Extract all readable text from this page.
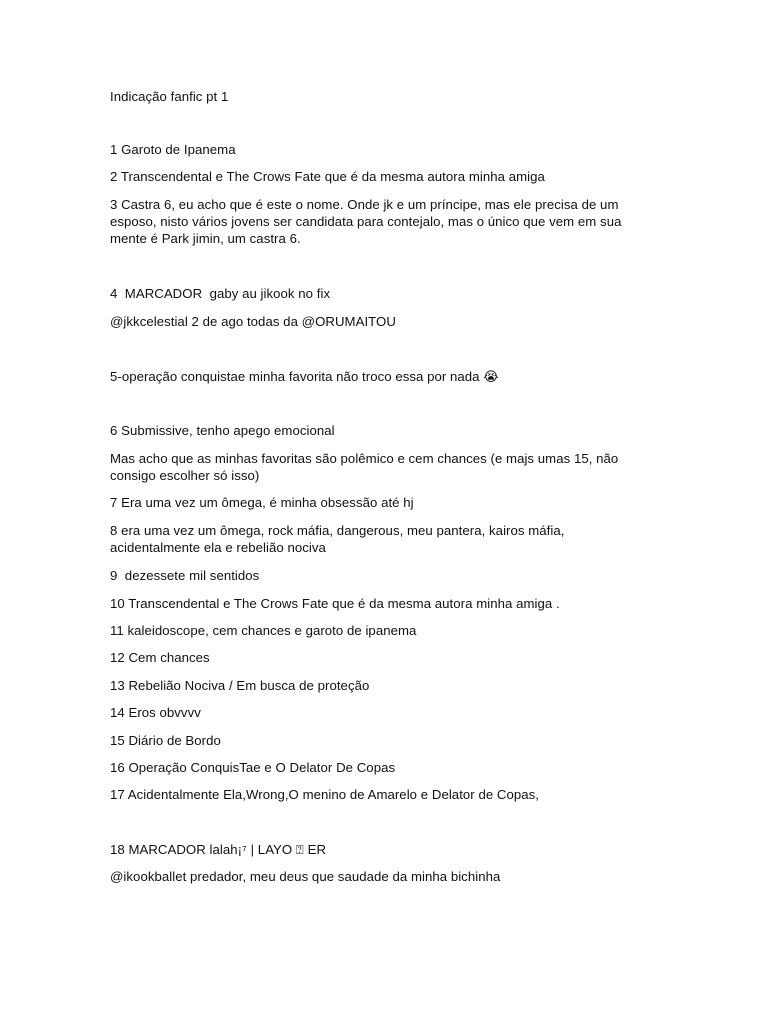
Indicação fanfic pt 1
1 Garoto de Ipanema
2 Transcendental e The Crows Fate que é da mesma autora minha amiga
3 Castra 6, eu acho que é este o nome. Onde jk e um príncipe, mas ele precisa de um esposo, nisto vários jovens ser candidata para contejalo, mas o único que vem em sua mente é Park jimin, um castra 6.
4  MARCADOR  gaby au jikook no fix
@jkkcelestial 2 de ago todas da @ORUMAITOU
5-operação conquistae minha favorita não troco essa por nada 😭
6 Submissive, tenho apego emocional
Mas acho que as minhas favoritas são polêmico e cem chances (e majs umas 15, não consigo escolher só isso)
7 Era uma vez um ômega, é minha obsessão até hj
8 era uma vez um ômega, rock máfia, dangerous, meu pantera, kairos máfia, acidentalmente ela e rebelião nociva
9  dezessete mil sentidos
10 Transcendental e The Crows Fate que é da mesma autora minha amiga .
11 kaleidoscope, cem chances e garoto de ipanema
12 Cem chances
13 Rebelião Nociva / Em busca de proteção
14 Eros obvvvv
15 Diário de Bordo
16 Operação ConquisTae e O Delator De Copas
17 Acidentalmente Ela,Wrong,O menino de Amarelo e Delator de Copas,
18 MARCADOR lalah¡⁷ | LAYO ⍰ ER
@ikookballet predador, meu deus que saudade da minha bichinha
